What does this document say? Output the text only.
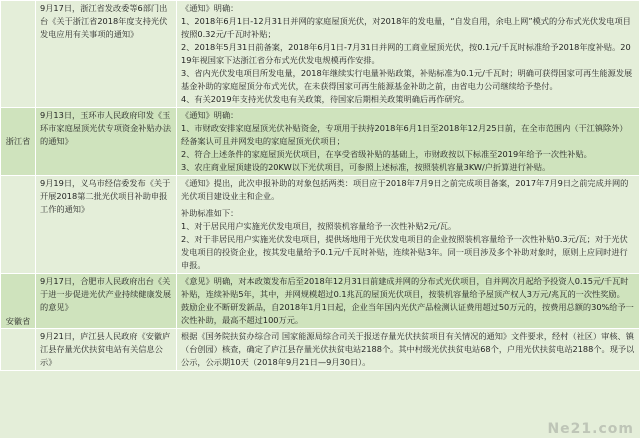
	9月17日，浙江省发改委等6部门出台《关于浙江省2018年度支持光伏发电应用有关事项的通知》	《通知》明确：
1、2018年6月1日-12月31日并网的家庭屋顶光伏，对2018年的发电量，“自发自用，余电上网”模式的分布式光伏发电项目按照0.32元/千瓦时补贴；
2、2018年5月31日前备案，2018年6月1日-7月31日并网的工商业屋顶光伏，按0.1元/千瓦时标准给予2018年度补贴。2019年视国家下达浙江省分布式光伏发电规模再作安排。
3、省内光伏发电项目所发电量，2018年继续实行电量补贴政策，补贴标准为0.1元/千瓦时；明确可获得国家可再生能源发展基金补助的家庭屋顶分布式光伏，在未获得国家可再生能源基金补助之前，由省电力公司继续给予垫付。
4、有关2019年支持光伏发电有关政策，待国家后期相关政策明确后再作研究。

浙江省	9月13日，玉环市人民政府印发《玉环市家庭屋顶光伏专项资金补贴办法的通知》	《通知》明确：
1、市财政安排家庭屋顶光伏补贴资金，专项用于扶持2018年6月1日至2018年12月25日前，在全市范围内（干江镇除外）经备案认可且并网发电的家庭屋顶光伏项目；
2、符合上述条件的家庭屋顶光伏项目，在享受省级补贴的基础上，市财政按以下标准至2019年给予一次性补贴。
3、农庄商业屋顶建设的20KW以下光伏项目，可参照上述标准，按照装机容量3KW/户折算进行补贴。

	9月19日，义乌市经信委发布《关于开展2018第二批光伏项目补助申报工作的通知》	《通知》提出，此次申报补助的对象包括两类：项目应于2018年7月9日之前完成项目备案，2017年7月9日之前完成并网的光伏项目建设业主和企业。
补助标准如下：
1、对于居民用户实施光伏发电项目，按照装机容量给予一次性补贴2元/瓦。
2、对于非居民用户实施光伏发电项目，提供场地用于光伏发电项目的企业按照装机容量给予一次性补贴0.3元/瓦；对于光伏发电项目的投资企业，按其发电量给予0.1元/千瓦时补贴，连续补贴3年。同一项目涉及多个补助对象时，原则上应同时进行申报。

安徽省	9月17日，合肥市人民政府出台《关于进一步促进光伏产业持续健康发展的意见》	《意见》明确，对本政策发布后至2018年12月31日前建成并网的分布式光伏项目，自并网次月起给予投资人0.15元/千瓦时补贴，连续补贴5年，其中，并网规模超过0.1兆瓦的屋顶光伏项目，按装机容量给予屋顶产权人3万元/兆瓦的一次性奖励。
鼓励企业不断研发新品，自2018年1月1日起，企业当年国内光伏产品检测认证费用超过50万元的，按费用总额的30%给予一次性补助，最高不超过100万元。

	9月21日，庐江县人民政府《安徽庐江县存量光伏扶贫电站有关信息公示》	根据《国务院扶贫办综合司 国家能源局综合司关于报送存量光伏扶贫项目有关情况的通知》文件要求，经村（社区）审核、镇（台创园）核查，确定了庐江县存量光伏扶贫电站2188个。其中村级光伏扶贫电站68个，户用光伏扶贫电站2188个。现予以公示，公示期10天（2018年9月21日—9月30日）。
Ne21.com
